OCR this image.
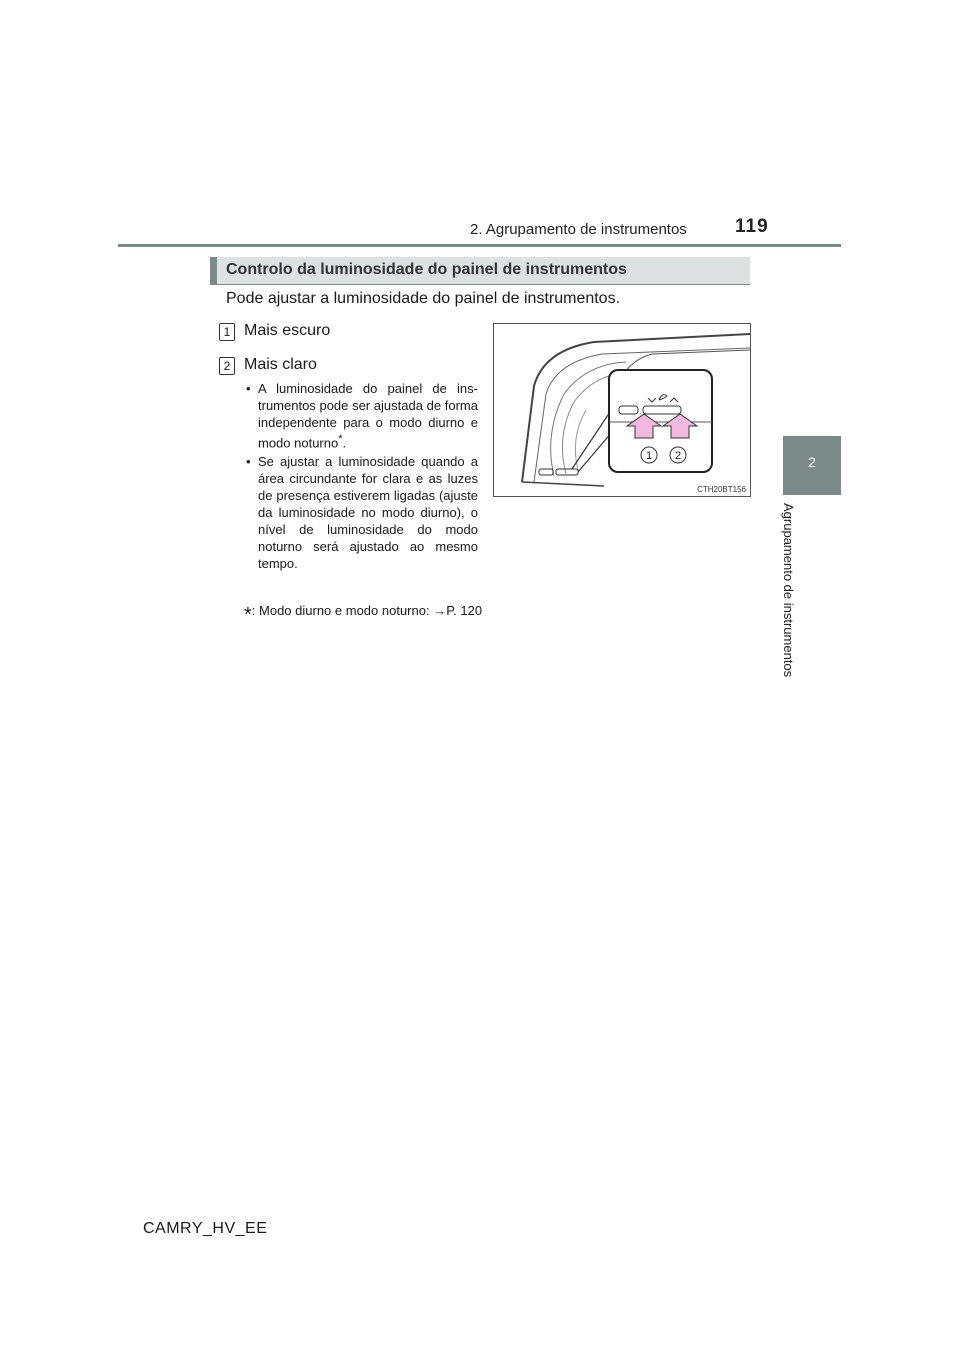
2. Agrupamento de instrumentos	119
2
Agrupamento de instrumentos
Controlo da luminosidade do painel de instrumentos
Pode ajustar a luminosidade do painel de instrumentos.
1 Mais escuro
2 Mais claro
• A luminosidade do painel de ins-trumentos pode ser ajustada de forma independente para o modo diurno e modo noturno*.
• Se ajustar a luminosidade quando a área circundante for clara e as luzes de presença estiverem ligadas (ajuste da luminosidade no modo diurno), o nível de luminosidade do modo noturno será ajustado ao mesmo tempo.
*: Modo diurno e modo noturno: →P. 120
1 2
CTH20BT156
CAMRY_HV_EE
